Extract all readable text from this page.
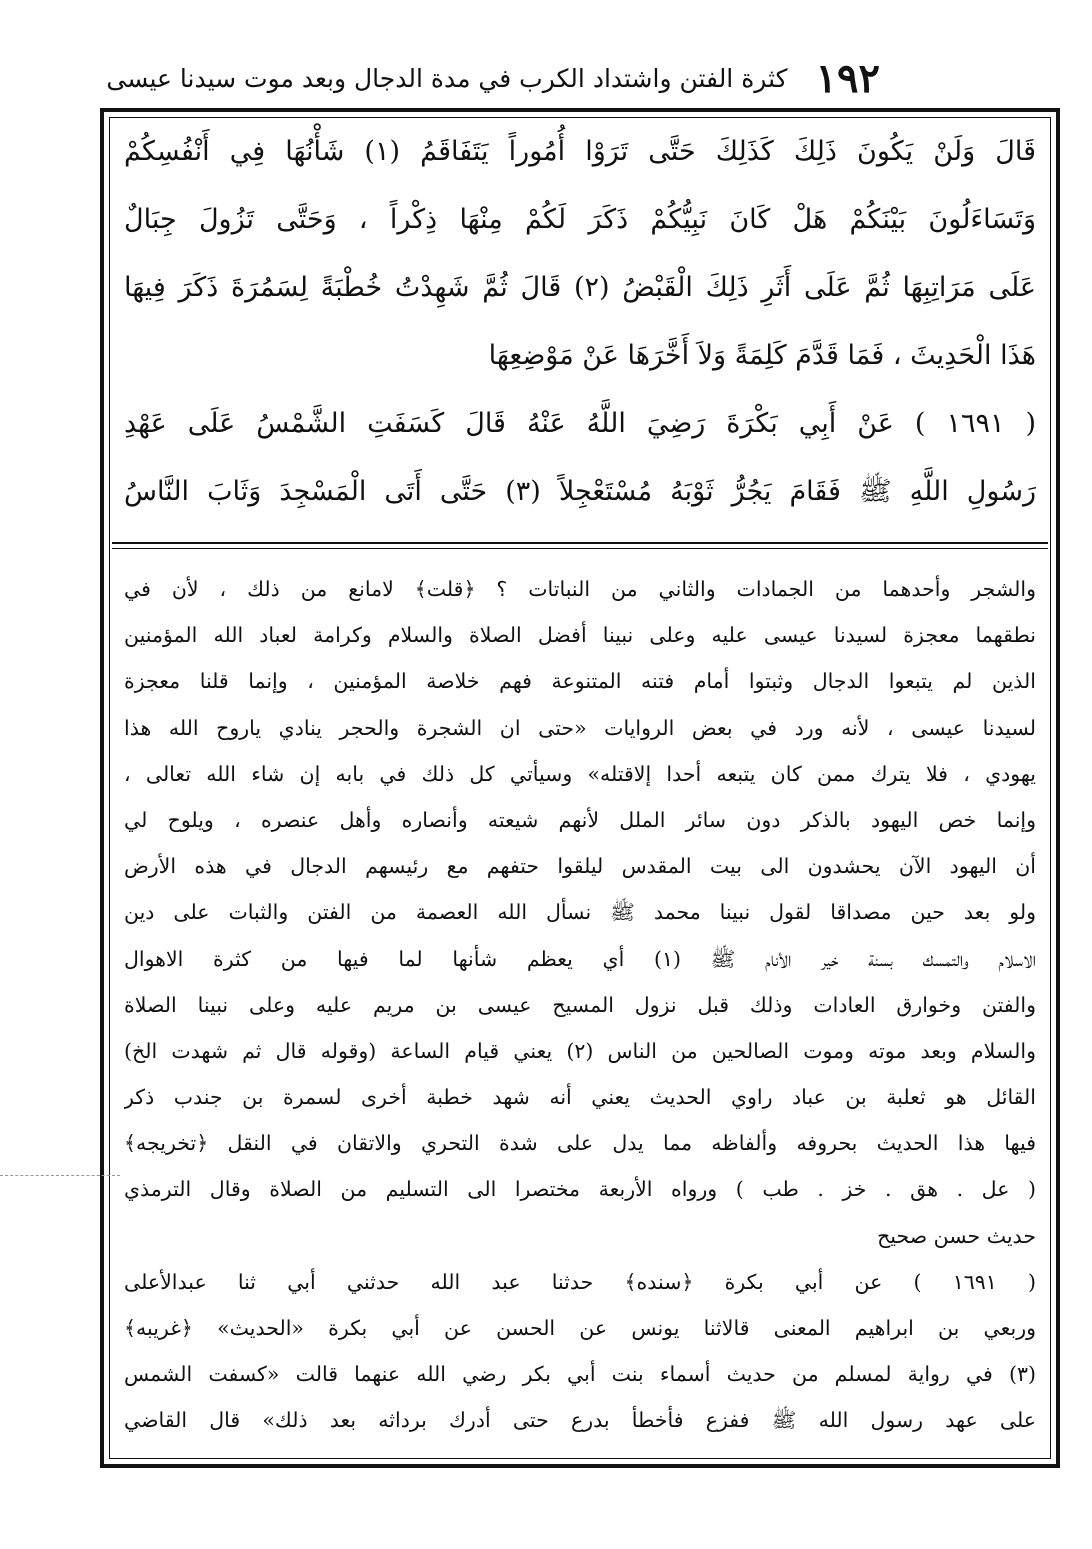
١٩٢
كثرة الفتن واشتداد الكرب في مدة الدجال وبعد موت سيدنا عيسى
قَالَ وَلَنْ يَكُونَ ذَلِكَ كَذَلِكَ حَتَّى تَرَوْا أُمُوراً يَتَفَاقَمُ (١) شَأْنُهَا فِي أَنْفُسِكُمْ
وَتَسَاءَلُونَ بَيْنَكُمْ هَلْ كَانَ نَبِيُّكُمْ ذَكَرَ لَكُمْ مِنْهَا ذِكْراً ، وَحَتَّى تَزُولَ جِبَالٌ
عَلَى مَرَاتِبِهَا ثُمَّ عَلَى أَثَرِ ذَلِكَ الْقَبْضُ (٢) قَالَ ثُمَّ شَهِدْتُ خُطْبَةً لِسَمُرَةَ ذَكَرَ فِيهَا
هَذَا الْحَدِيثَ ، فَمَا قَدَّمَ كَلِمَةً وَلاَ أَخَّرَهَا عَنْ مَوْضِعِهَا
( ١٦٩١ ) عَنْ أَبِي بَكْرَةَ رَضِيَ اللَّهُ عَنْهُ قَالَ كَسَفَتِ الشَّمْسُ عَلَى عَهْدِ
رَسُولِ اللَّهِ ﷺ فَقَامَ يَجُرُّ ثَوْبَهُ مُسْتَعْجِلاً (٣) حَتَّى أَتَى الْمَسْجِدَ وَثَابَ النَّاسُ
والشجر وأحدهما من الجمادات والثاني من النباتات ؟ ﴿قلت﴾ لامانع من ذلك ، لأن في
نطقهما معجزة لسيدنا عيسى عليه وعلى نبينا أفضل الصلاة والسلام وكرامة لعباد الله المؤمنين
الذين لم يتبعوا الدجال وثبتوا أمام فتنه المتنوعة فهم خلاصة المؤمنين ، وإنما قلنا معجزة
لسيدنا عيسى ، لأنه ورد في بعض الروايات «حتى ان الشجرة والحجر ينادي ياروح الله هذا
يهودي ، فلا يترك ممن كان يتبعه أحدا إلاقتله» وسيأتي كل ذلك في بابه إن شاء الله تعالى ،
وإنما خص اليهود بالذكر دون سائر الملل لأنهم شيعته وأنصاره وأهل عنصره ، ويلوح لي
أن اليهود الآن يحشدون الى بيت المقدس ليلقوا حتفهم مع رئيسهم الدجال في هذه الأرض
ولو بعد حين مصداقا لقول نبينا محمد ﷺ نسأل الله العصمة من الفتن والثبات على دين
الاسلام والتمسك بسنة خير الأنام ﷺ (١) أي يعظم شأنها لما فيها من كثرة الاهوال
والفتن وخوارق العادات وذلك قبل نزول المسيح عيسى بن مريم عليه وعلى نبينا الصلاة
والسلام وبعد موته وموت الصالحين من الناس (٢) يعني قيام الساعة (وقوله قال ثم شهدت الخ)
القائل هو ثعلبة بن عباد راوي الحديث يعني أنه شهد خطبة أخرى لسمرة بن جندب ذكر
فيها هذا الحديث بحروفه وألفاظه مما يدل على شدة التحري والاتقان في النقل ﴿تخريجه﴾
( عل . هق . خز . طب ) ورواه الأربعة مختصرا الى التسليم من الصلاة وقال الترمذي
حديث حسن صحيح
( ١٦٩١ ) عن أبي بكرة ﴿سنده﴾ حدثنا عبد الله حدثني أبي ثنا عبدالأعلى
وربعي بن ابراهيم المعنى قالاثنا يونس عن الحسن عن أبي بكرة «الحديث» ﴿غريبه﴾
(٣) في رواية لمسلم من حديث أسماء بنت أبي بكر رضي الله عنهما قالت «كسفت الشمس
على عهد رسول الله ﷺ ففزع فأخطأ بدرع حتى أدرك برداثه بعد ذلك» قال القاضي
